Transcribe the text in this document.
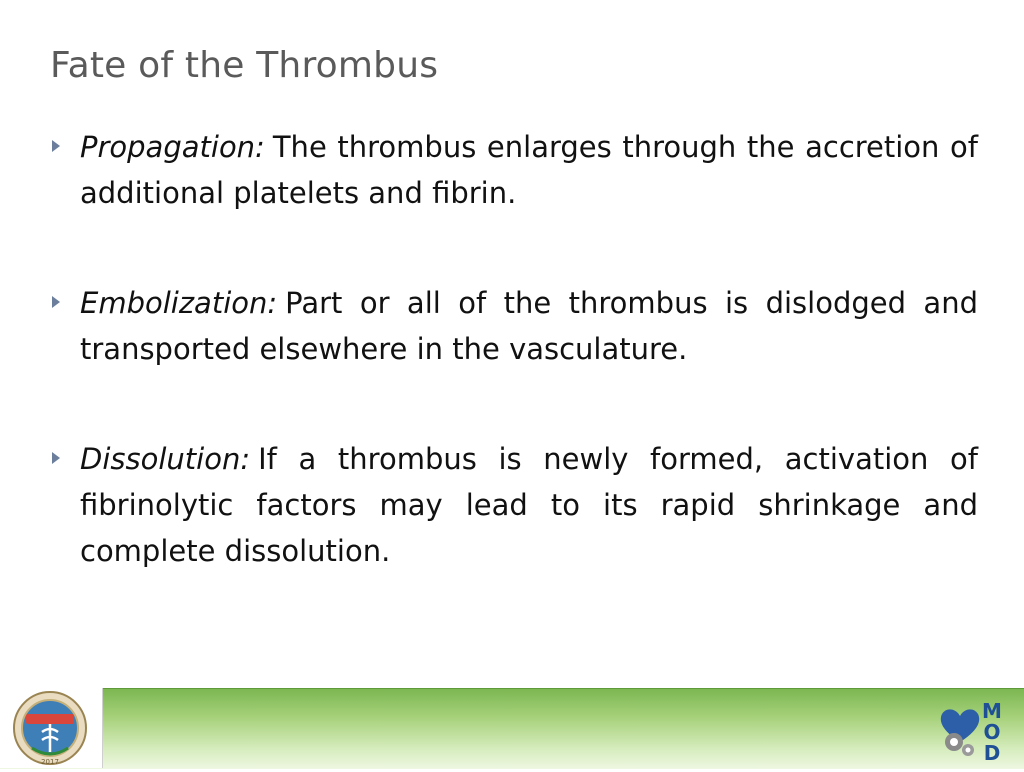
Fate of the Thrombus
Propagation: The thrombus enlarges through the accretion of additional platelets and fibrin.
Embolization: Part or all of the thrombus is dislodged and transported elsewhere in the vasculature.
Dissolution: If a thrombus is newly formed, activation of fibrinolytic factors may lead to its rapid shrinkage and complete dissolution.
2017
M
O
D
